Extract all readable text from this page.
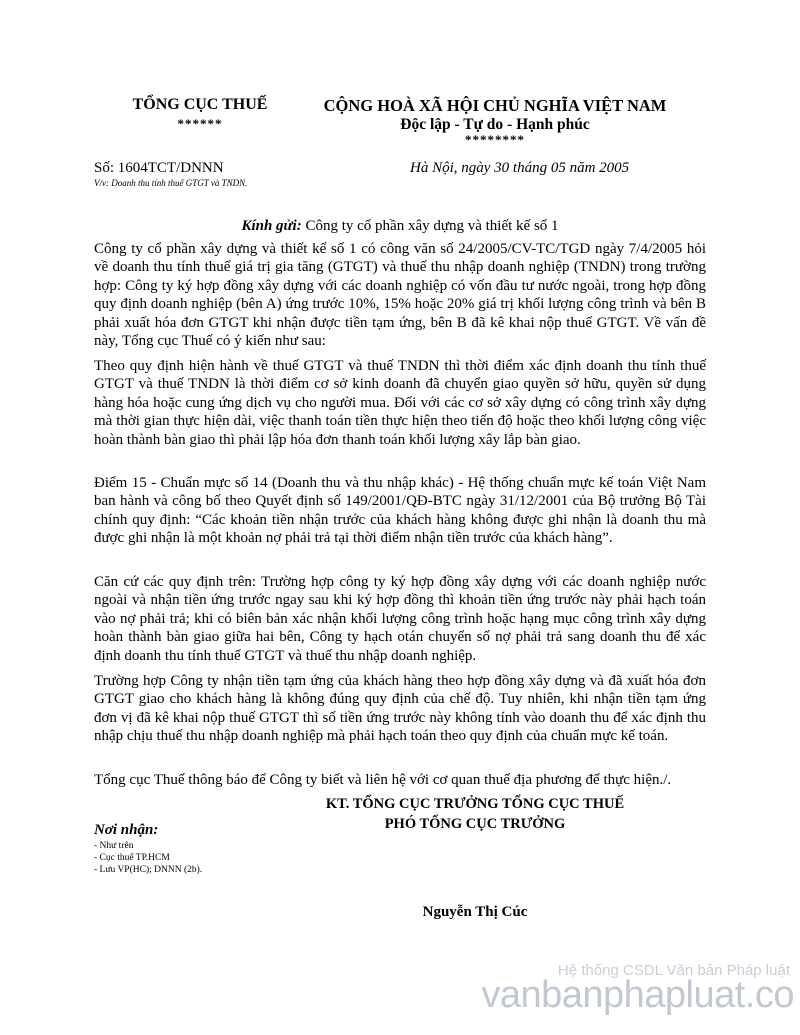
TỔNG CỤC THUẾ
******
CỘNG HOÀ XÃ HỘI CHỦ NGHĨA VIỆT NAM
Độc lập - Tự do - Hạnh phúc
********
Số: 1604TCT/DNNN
V/v: Doanh thu tính thuế GTGT và TNDN.
Hà Nội, ngày 30 tháng 05 năm 2005
Kính gửi: Công ty cổ phần xây dựng và thiết kế số 1
Công ty cổ phần xây dựng và thiết kế số 1 có công văn số 24/2005/CV-TC/TGD ngày 7/4/2005 hỏi về doanh thu tính thuế giá trị gia tăng (GTGT) và thuế thu nhập doanh nghiệp (TNDN) trong trường hợp: Công ty ký hợp đồng xây dựng với các doanh nghiệp có vốn đầu tư nước ngoài, trong hợp đồng quy định doanh nghiệp (bên A) ứng trước 10%, 15% hoặc 20% giá trị khối lượng công trình và bên B phải xuất hóa đơn GTGT khi nhận được tiền tạm ứng, bên B đã kê khai nộp thuế GTGT. Về vấn đề này, Tổng cục Thuế có ý kiến như sau:
Theo quy định hiện hành về thuế GTGT và thuế TNDN thì thời điểm xác định doanh thu tính thuế GTGT và thuế TNDN là thời điểm cơ sở kinh doanh đã chuyển giao quyền sở hữu, quyền sử dụng hàng hóa hoặc cung ứng dịch vụ cho người mua. Đối với các cơ sở xây dựng có công trình xây dựng mà thời gian thực hiện dài, việc thanh toán tiền thực hiện theo tiến độ hoặc theo khối lượng công việc hoàn thành bàn giao thì phải lập hóa đơn thanh toán khối lượng xây lắp bàn giao.
Điểm 15 - Chuẩn mực số 14 (Doanh thu và thu nhập khác) - Hệ thống chuẩn mực kế toán Việt Nam ban hành và công bố theo Quyết định số 149/2001/QĐ-BTC ngày 31/12/2001 của Bộ trưởng Bộ Tài chính quy định: “Các khoản tiền nhận trước của khách hàng không được ghi nhận là doanh thu mà được ghi nhận là một khoản nợ phải trả tại thời điểm nhận tiền trước của khách hàng”.
Căn cứ các quy định trên: Trường hợp công ty ký hợp đồng xây dựng với các doanh nghiệp nước ngoài và nhận tiền ứng trước ngay sau khi ký hợp đồng thì khoản tiền ứng trước này phải hạch toán vào nợ phải trả; khi có biên bản xác nhận khối lượng công trình hoặc hạng mục công trình xây dựng hoàn thành bàn giao giữa hai bên, Công ty hạch otán chuyển số nợ phải trả sang doanh thu để xác định doanh thu tính thuế GTGT và thuế thu nhập doanh nghiệp.
Trường hợp Công ty nhận tiền tạm ứng của khách hàng theo hợp đồng xây dựng và đã xuất hóa đơn GTGT giao cho khách hàng là không đúng quy định của chế độ. Tuy nhiên, khi nhận tiền tạm ứng đơn vị đã kê khai nộp thuế GTGT thì số tiền ứng trước này không tính vào doanh thu để xác định thu nhập chịu thuế thu nhập doanh nghiệp mà phải hạch toán theo quy định của chuẩn mực kế toán.
Tổng cục Thuế thông báo để Công ty biết và liên hệ với cơ quan thuế địa phương để thực hiện./.
KT. TỔNG CỤC TRƯỞNG TỔNG CỤC THUẾ
PHÓ TỔNG CỤC TRƯỞNG
Nguyễn Thị Cúc
Nơi nhận:
- Như trên
- Cục thuế TP.HCM
- Lưu VP(HC); DNNN (2b).
Hệ thống CSDL Văn bản Pháp luật
vanbanphapluat.co
